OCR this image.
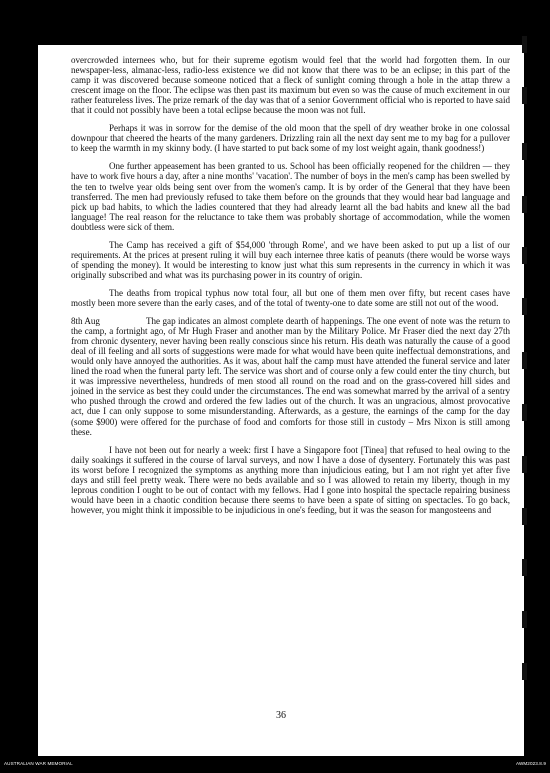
overcrowded internees who, but for their supreme egotism would feel that the world had forgotten them. In our newspaper-less, almanac-less, radio-less existence we did not know that there was to be an eclipse; in this part of the camp it was discovered because someone noticed that a fleck of sunlight coming through a hole in the attap threw a crescent image on the floor. The eclipse was then past its maximum but even so was the cause of much excitement in our rather featureless lives. The prize remark of the day was that of a senior Government official who is reported to have said that it could not possibly have been a total eclipse because the moon was not full.

Perhaps it was in sorrow for the demise of the old moon that the spell of dry weather broke in one colossal downpour that cheered the hearts of the many gardeners. Drizzling rain all the next day sent me to my bag for a pullover to keep the warmth in my skinny body. (I have started to put back some of my lost weight again, thank goodness!)

One further appeasement has been granted to us. School has been officially reopened for the children — they have to work five hours a day, after a nine months' 'vacation'. The number of boys in the men's camp has been swelled by the ten to twelve year olds being sent over from the women's camp. It is by order of the General that they have been transferred. The men had previously refused to take them before on the grounds that they would hear bad language and pick up bad habits, to which the ladies countered that they had already learnt all the bad habits and knew all the bad language! The real reason for the reluctance to take them was probably shortage of accommodation, while the women doubtless were sick of them.

The Camp has received a gift of $54,000 'through Rome', and we have been asked to put up a list of our requirements. At the prices at present ruling it will buy each internee three katis of peanuts (there would be worse ways of spending the money). It would be interesting to know just what this sum represents in the currency in which it was originally subscribed and what was its purchasing power in its country of origin.

The deaths from tropical typhus now total four, all but one of them men over fifty, but recent cases have mostly been more severe than the early cases, and of the total of twenty-one to date some are still not out of the wood.

8th Aug	The gap indicates an almost complete dearth of happenings. The one event of note was the return to the camp, a fortnight ago, of Mr Hugh Fraser and another man by the Military Police. Mr Fraser died the next day 27th from chronic dysentery, never having been really conscious since his return. His death was naturally the cause of a good deal of ill feeling and all sorts of suggestions were made for what would have been quite ineffectual demonstrations, and would only have annoyed the authorities. As it was, about half the camp must have attended the funeral service and later lined the road when the funeral party left. The service was short and of course only a few could enter the tiny church, but it was impressive nevertheless, hundreds of men stood all round on the road and on the grass-covered hill sides and joined in the service as best they could under the circumstances. The end was somewhat marred by the arrival of a sentry who pushed through the crowd and ordered the few ladies out of the church. It was an ungracious, almost provocative act, due I can only suppose to some misunderstanding. Afterwards, as a gesture, the earnings of the camp for the day (some $900) were offered for the purchase of food and comforts for those still in custody – Mrs Nixon is still among these.

I have not been out for nearly a week: first I have a Singapore foot [Tinea] that refused to heal owing to the daily soakings it suffered in the course of larval surveys, and now I have a dose of dysentery. Fortunately this was past its worst before I recognized the symptoms as anything more than injudicious eating, but I am not right yet after five days and still feel pretty weak. There were no beds available and so I was allowed to retain my liberty, though in my leprous condition I ought to be out of contact with my fellows. Had I gone into hospital the spectacle repairing business would have been in a chaotic condition because there seems to have been a spate of sitting on spectacles. To go back, however, you might think it impossible to be injudicious in one's feeding, but it was the season for mangosteens and

36
AUSTRALIAN WAR MEMORIAL	AWM2023.8.9
